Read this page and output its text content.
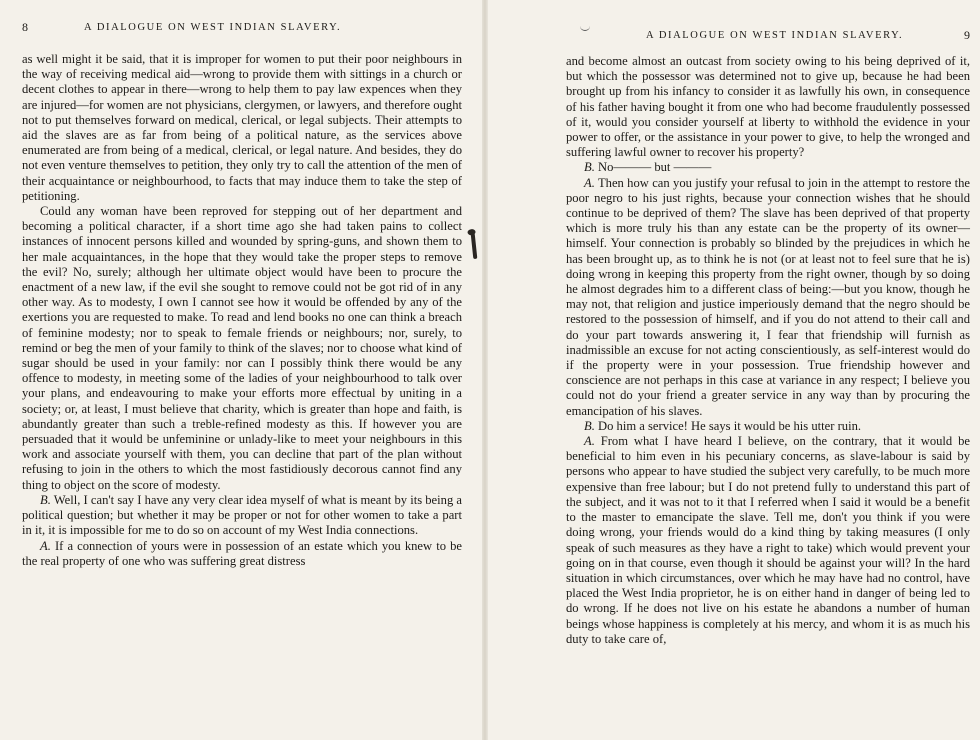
8	A DIALOGUE ON WEST INDIAN SLAVERY.

as well might it be said, that it is improper for women to put their poor neighbours in the way of receiving medical aid—wrong to provide them with sittings in a church or decent clothes to appear in there—wrong to help them to pay law expences when they are injured—for women are not physicians, clergymen, or lawyers, and therefore ought not to put themselves forward on medical, clerical, or legal subjects. Their attempts to aid the slaves are as far from being of a political nature, as the services above enumerated are from being of a medical, clerical, or legal nature. And besides, they do not even venture themselves to petition, they only try to call the attention of the men of their acquaintance or neighbourhood, to facts that may induce them to take the step of petitioning.

Could any woman have been reproved for stepping out of her department and becoming a political character, if a short time ago she had taken pains to collect instances of innocent persons killed and wounded by spring-guns, and shown them to her male acquaintances, in the hope that they would take the proper steps to remove the evil? No, surely; although her ultimate object would have been to procure the enactment of a new law, if the evil she sought to remove could not be got rid of in any other way. As to modesty, I own I cannot see how it would be offended by any of the exertions you are requested to make. To read and lend books no one can think a breach of feminine modesty; nor to speak to female friends or neighbours; nor, surely, to remind or beg the men of your family to think of the slaves; nor to choose what kind of sugar should be used in your family: nor can I possibly think there would be any offence to modesty, in meeting some of the ladies of your neighbourhood to talk over your plans, and endeavouring to make your efforts more effectual by uniting in a society; or, at least, I must believe that charity, which is greater than hope and faith, is abundantly greater than such a treble-refined modesty as this. If however you are persuaded that it would be unfeminine or unlady-like to meet your neighbours in this work and associate yourself with them, you can decline that part of the plan without refusing to join in the others to which the most fastidiously decorous cannot find any thing to object on the score of modesty.

B. Well, I can't say I have any very clear idea myself of what is meant by its being a political question; but whether it may be proper or not for other women to take a part in it, it is impossible for me to do so on account of my West India connections.

A. If a connection of yours were in possession of an estate which you knew to be the real property of one who was suffering great distress

A DIALOGUE ON WEST INDIAN SLAVERY.	9

and become almost an outcast from society owing to his being deprived of it, but which the possessor was determined not to give up, because he had been brought up from his infancy to consider it as lawfully his own, in consequence of his father having bought it from one who had become fraudulently possessed of it, would you consider yourself at liberty to withhold the evidence in your power to offer, or the assistance in your power to give, to help the wronged and suffering lawful owner to recover his property?

B. No——— but ———

A. Then how can you justify your refusal to join in the attempt to restore the poor negro to his just rights, because your connection wishes that he should continue to be deprived of them? The slave has been deprived of that property which is more truly his than any estate can be the property of its owner—himself. Your connection is probably so blinded by the prejudices in which he has been brought up, as to think he is not (or at least not to feel sure that he is) doing wrong in keeping this property from the right owner, though by so doing he almost degrades him to a different class of being:—but you know, though he may not, that religion and justice imperiously demand that the negro should be restored to the possession of himself, and if you do not attend to their call and do your part towards answering it, I fear that friendship will furnish as inadmissible an excuse for not acting conscientiously, as self-interest would do if the property were in your possession. True friendship however and conscience are not perhaps in this case at variance in any respect; I believe you could not do your friend a greater service in any way than by procuring the emancipation of his slaves.

B. Do him a service! He says it would be his utter ruin.

A. From what I have heard I believe, on the contrary, that it would be beneficial to him even in his pecuniary concerns, as slave-labour is said by persons who appear to have studied the subject very carefully, to be much more expensive than free labour; but I do not pretend fully to understand this part of the subject, and it was not to it that I referred when I said it would be a benefit to the master to emancipate the slave. Tell me, don't you think if you were doing wrong, your friends would do a kind thing by taking measures (I only speak of such measures as they have a right to take) which would prevent your going on in that course, even though it should be against your will? In the hard situation in which circumstances, over which he may have had no control, have placed the West India proprietor, he is on either hand in danger of being led to do wrong. If he does not live on his estate he abandons a number of human beings whose happiness is completely at his mercy, and whom it is as much his duty to take care of,
